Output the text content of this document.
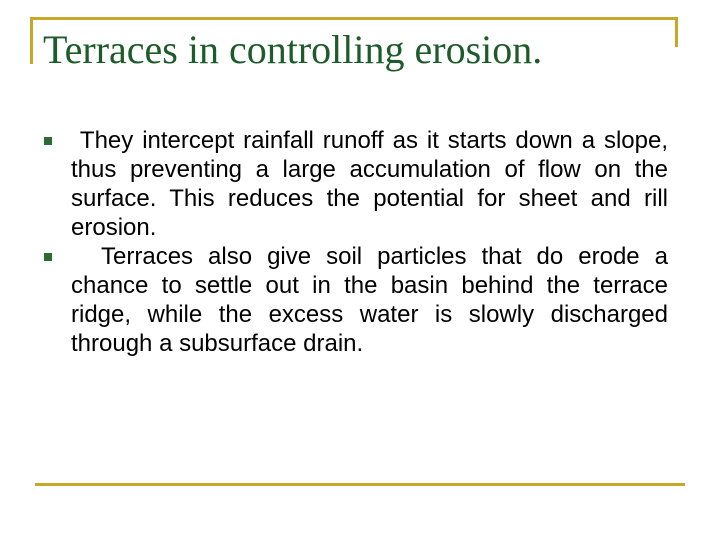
Terraces in controlling erosion.
They intercept rainfall runoff as it starts down a slope, thus preventing a large accumulation of flow on the surface. This reduces the potential for sheet and rill erosion.
Terraces also give soil particles that do erode a chance to settle out in the basin behind the terrace ridge, while the excess water is slowly discharged through a subsurface drain.
